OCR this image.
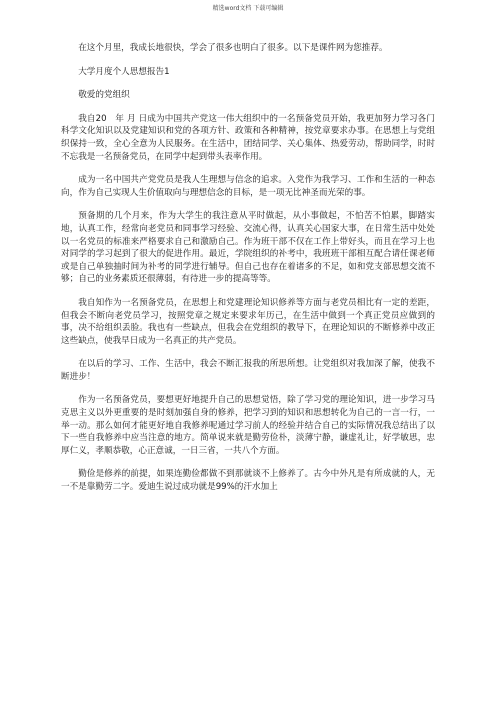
精选word文档 下载可编辑

在这个月里，我成长地很快，学会了很多也明白了很多。以下是课件网为您推荐。

大学月度个人思想报告1

敬爱的党组织

我自20　年 月 日成为中国共产党这一伟大组织中的一名预备党员开始，我更加努力学习各门科学文化知识以及党建知识和党的各项方针、政策和各种精神，按党章要求办事。在思想上与党组织保持一致，全心全意为人民服务。在生活中，团结同学、关心集体、热爱劳动，帮助同学，时时不忘我是一名预备党员，在同学中起到带头表率作用。

成为一名中国共产党党员是我人生理想与信念的追求。入党作为我学习、工作和生活的一种态向，作为自己实现人生价值取向与理想信念的目标，是一项无比神圣而光荣的事。

预备期的几个月来，作为大学生的我注意从平时做起，从小事做起，不怕苦不怕累，脚踏实地，认真工作，经常向老党员和同事学习经验、交流心得，认真关心国家大事，在日常生活中处处以一名党员的标准来严格要求自己和激励自己。作为班干部不仅在工作上带好头，而且在学习上也对同学的学习起到了很大的促进作用。最近，学院组织的补考中，我班班干部相互配合请任课老师或是自己单独抽时间为补考的同学进行辅导。但自己也存在着诸多的不足，如和党支部思想交流不够；自己的业务素质还很薄弱，有待进一步的提高等等。

我自知作为一名预备党员，在思想上和党建理论知识修养等方面与老党员相比有一定的差距，但我会不断向老党员学习，按照党章之规定来要求年历己，在生活中做到一个真正党员应做到的事，决不给组织丢脸。我也有一些缺点，但我会在党组织的教导下，在理论知识的不断修养中改正这些缺点，使我早日成为一名真正的共产党员。

在以后的学习、工作、生活中，我会不断汇报我的所思所想。让党组织对我加深了解，使我不断进步！

作为一名预备党员，要想更好地提升自己的思想觉悟，除了学习党的理论知识，进一步学习马克思主义以外更重要的是时刻加强自身的修养，把学习到的知识和思想转化为自己的一言一行，一举一动。那么如何才能更好地自我修养呢通过学习前人的经验并结合自己的实际情况我总结出了以下一些自我修养中应当注意的地方。简单说来就是勤劳俭朴，淡薄宁静，谦虚礼让，好学敏思，忠厚仁义，孝顺恭敬，心正意诚，一日三省，一共八个方面。

勤俭是修养的前提，如果连勤俭都做不到那就谈不上修养了。古今中外凡是有所成就的人，无一不是靠勤劳二字。爱迪生说过成功就是99%的汗水加上
